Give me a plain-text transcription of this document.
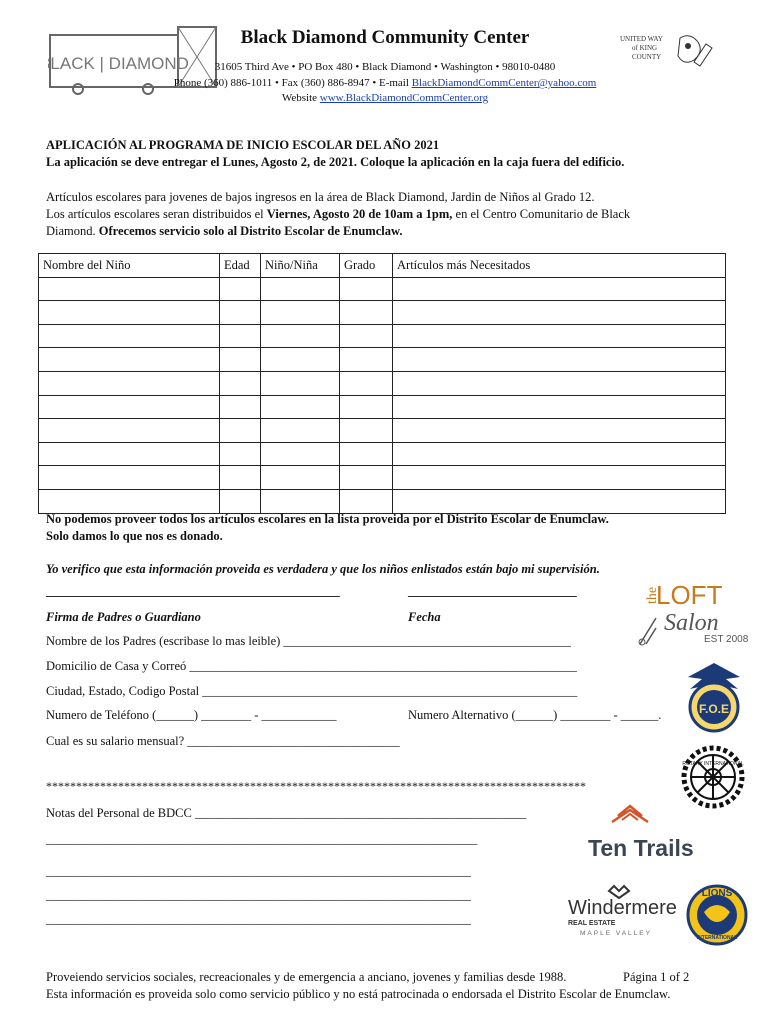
BLACK | DIAMOND
UNITED WAY
of KING
COUNTY
Black Diamond Community Center
31605 Third Ave • PO Box 480 • Black Diamond • Washington • 98010-0480
Phone (360) 886-1011 • Fax (360) 886-8947 • E-mail BlackDiamondCommCenter@yahoo.com
Website www.BlackDiamondCommCenter.org
APLICACIÓN AL PROGRAMA DE INICIO ESCOLAR DEL AÑO 2021
La aplicación se deve entregar el Lunes, Agosto 2, de 2021. Coloque la aplicación en la caja fuera del edificio.
Artículos escolares para jovenes de bajos ingresos en la área de Black Diamond, Jardin de Niños al Grado 12.
Los artículos escolares seran distribuidos el Viernes, Agosto 20 de 10am a 1pm, en el Centro Comunitario de Black
Diamond. Ofrecemos servicio solo al Distrito Escolar de Enumclaw.
Nombre del Niño	Edad	Niño/Niña	Grado	Artículos más Necesitados

No podemos proveer todos los artículos escolares en la lista proveida por el Distrito Escolar de Enumclaw.
Solo damos lo que nos es donado.
Yo verifico que esta información proveida es verdadera y que los niños enlistados están bajo mi supervisión.
_______________________________________________	___________________________
Firma de Padres o Guardiano	Fecha
Nombre de los Padres (escribase lo mas leible) ______________________________________________
Domicilio de Casa y Correó ______________________________________________________________
Ciudad, Estado, Codigo Postal ____________________________________________________________
Numero de Teléfono (______) ________ - ____________	Numero Alternativo (______) ________ - ______.
Cual es su salario mensual? __________________________________
******************************************************************************************
Notas del Personal de BDCC _____________________________________________________
_____________________________________________________________________
____________________________________________________________________
____________________________________________________________________
____________________________________________________________________
the
LOFT
Salon
EST 2008
F.O.E
ROTARY INTERNATIONAL
Ten Trails
Windermere
REAL ESTATE
MAPLE VALLEY
LIONS
INTERNATIONAL
Proveiendo servicios sociales, recreacionales y de emergencia a anciano, jovenes y familias desde 1988.	Página 1 of 2
Esta información es proveida solo como servicio público y no está patrocinada o endorsada el Distrito Escolar de Enumclaw.
